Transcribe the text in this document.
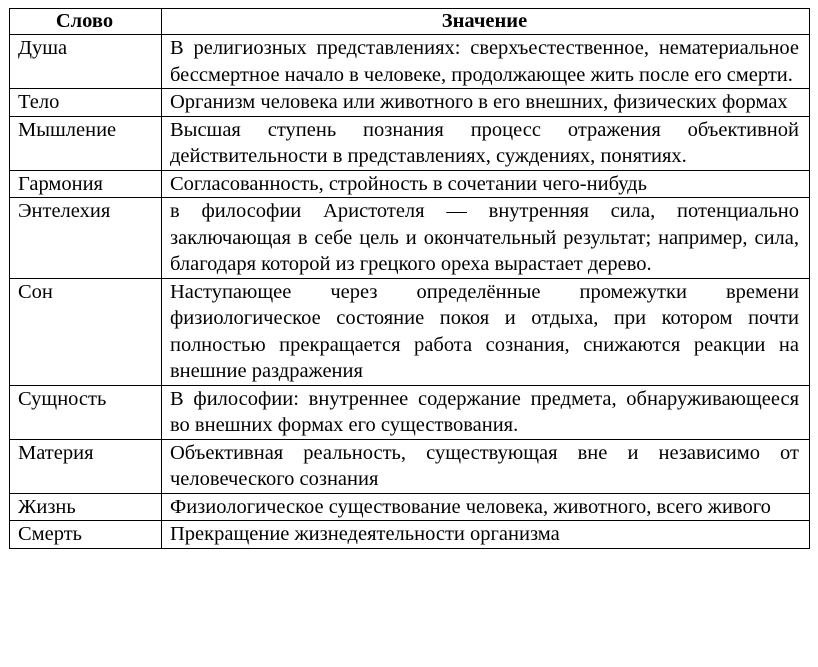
Слово	Значение
Душа	В религиозных представлениях: сверхъестественное, нематериальное бессмертное начало в человеке, продолжающее жить после его смерти.
Тело	Организм человека или животного в его внешних, физических формах
Мышление	Высшая ступень познания процесс отражения объективной действительности в представлениях, суждениях, понятиях.
Гармония	Согласованность, стройность в сочетании чего-нибудь
Энтелехия	в философии Аристотеля — внутренняя сила, потенциально заключающая в себе цель и окончательный результат; например, сила, благодаря которой из грецкого ореха вырастает дерево.
Сон	Наступающее через определённые промежутки времени физиологическое состояние покоя и отдыха, при котором почти полностью прекращается работа сознания, снижаются реакции на внешние раздражения
Сущность	В философии: внутреннее содержание предмета, обнаруживающееся во внешних формах его существования.
Материя	Объективная реальность, существующая вне и независимо от человеческого сознания
Жизнь	Физиологическое существование человека, животного, всего живого
Смерть	Прекращение жизнедеятельности организма
